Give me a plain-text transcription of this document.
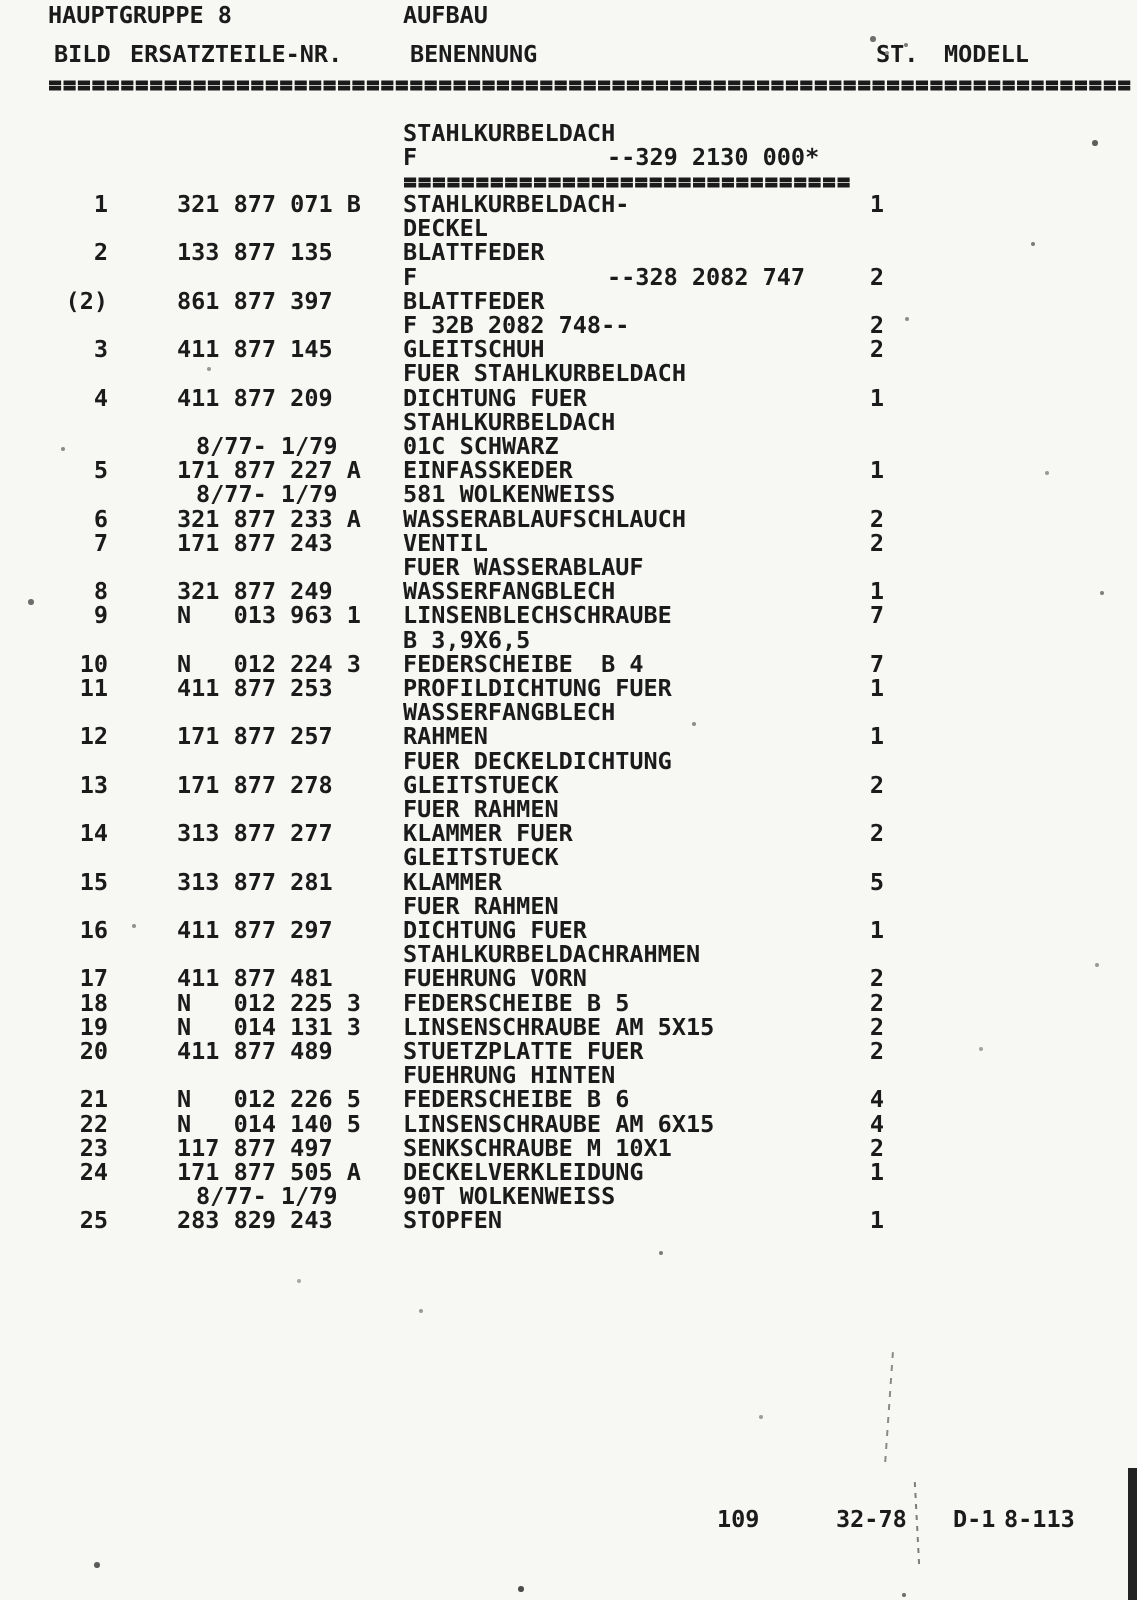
HAUPTGRUPPE 8	AUFBAU
BILD ERSATZTEILE-NR.	BENENNUNG	ST. MODELL
===========================================================================
STAHLKURBELDACH
F	--329 2130 000*
===============================
1	321 877 071 B STAHLKURBELDACH-	1
DECKEL
2	133 877 135	BLATTFEDER
F	--328 2082 747	2
(2)	861 877 397	BLATTFEDER
F 32B 2082 748--	2
3	411 877 145	GLEITSCHUH	2
FUER STAHLKURBELDACH
4	411 877 209	DICHTUNG FUER	1
STAHLKURBELDACH
8/77- 1/79	01C SCHWARZ
5	171 877 227 A EINFASSKEDER	1
8/77- 1/79	581 WOLKENWEISS
6	321 877 233 A WASSERABLAUFSCHLAUCH	2
7	171 877 243	VENTIL	2
FUER WASSERABLAUF
8	321 877 249	WASSERFANGBLECH	1
9	N   013 963 1 LINSENBLECHSCHRAUBE	7
B 3,9X6,5
10	N   012 224 3 FEDERSCHEIBE  B 4	7
11	411 877 253	PROFILDICHTUNG FUER	1
WASSERFANGBLECH
12	171 877 257	RAHMEN	1
FUER DECKELDICHTUNG
13	171 877 278	GLEITSTUECK	2
FUER RAHMEN
14	313 877 277	KLAMMER FUER	2
GLEITSTUECK
15	313 877 281	KLAMMER	5
FUER RAHMEN
16	411 877 297	DICHTUNG FUER	1
STAHLKURBELDACHRAHMEN
17	411 877 481	FUEHRUNG VORN	2
18	N   012 225 3 FEDERSCHEIBE B 5	2
19	N   014 131 3 LINSENSCHRAUBE AM 5X15	2
20	411 877 489	STUETZPLATTE FUER	2
FUEHRUNG HINTEN
21	N   012 226 5 FEDERSCHEIBE B 6	4
22	N   014 140 5 LINSENSCHRAUBE AM 6X15	4
23	117 877 497	SENKSCHRAUBE M 10X1	2
24	171 877 505 A DECKELVERKLEIDUNG	1
8/77- 1/79	90T WOLKENWEISS
25	283 829 243	STOPFEN	1
109	32-78 D-1 8-113
